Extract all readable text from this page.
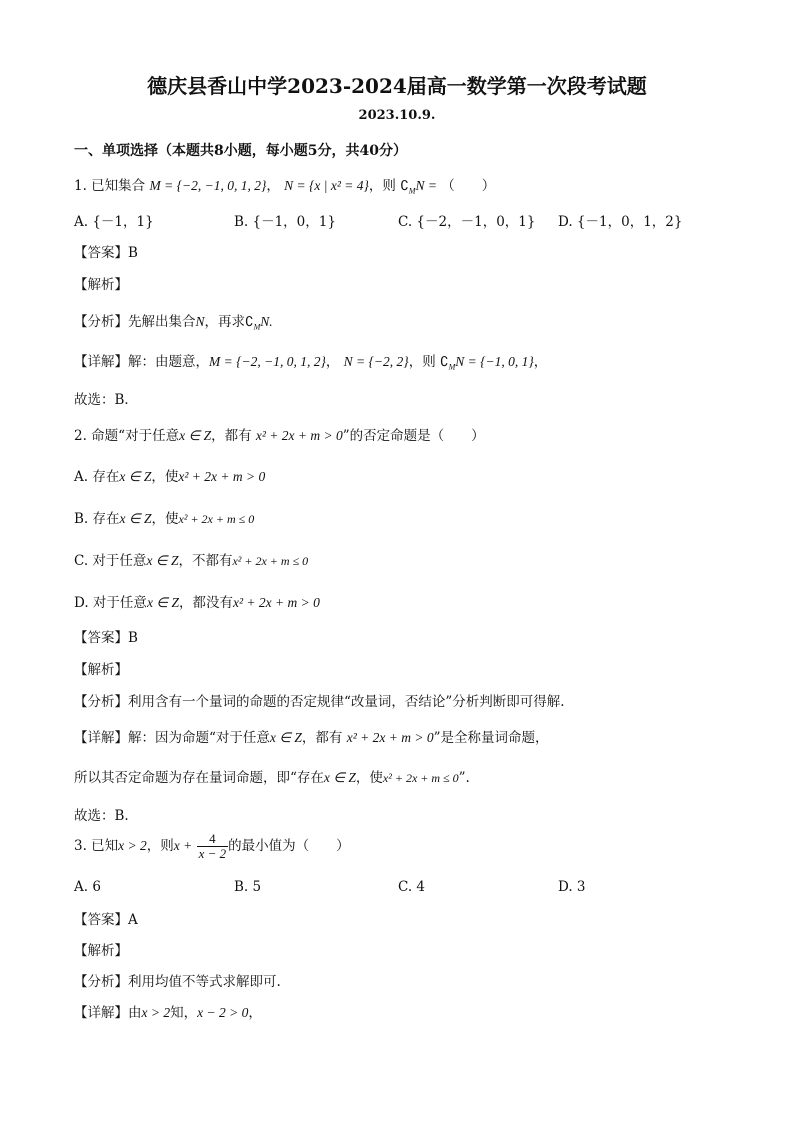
德庆县香山中学2023-2024届高一数学第一次段考试题
2023.10.9.
一、单项选择（本题共8小题，每小题5分，共40分）
1. 已知集合 M = {−2, −1, 0, 1, 2}， N = {x | x² = 4}，则 $∁_MN$ = （　　）
A. {－1，1}	B. {－1，0，1}	C. {－2，－1，0，1} D. {－1，0，1，2}
【答案】B
【解析】
【分析】先解出集合N，再求$∁_MN$.
【详解】解：由题意，M = {−2, −1, 0, 1, 2}， N = {−2, 2}，则 $∁_MN = \{-1$, 0, 1}，
故选：B．
2. 命题“对于任意x ∈ Z，都有 x² + 2x + m > 0”的否定命题是（　　）
A. 存在x ∈ Z，使x² + 2x + m > 0
B. 存在x ∈ Z，使x² + 2x + m ≤ 0
C. 对于任意x ∈ Z，不都有x² + 2x + m ≤ 0
D. 对于任意x ∈ Z，都没有x² + 2x + m > 0
【答案】B
【解析】
【分析】利用含有一个量词的命题的否定规律“改量词，否结论”分析判断即可得解.
【详解】解：因为命题“对于任意x ∈ Z，都有 x² + 2x + m > 0”是全称量词命题，
所以其否定命题为存在量词命题，即“存在x ∈ Z，使x² + 2x + m ≤ 0”.
故选：B.
3. 已知x > 2，则$x + \frac{4}{x - 2}$ 的最小值为（　　）
A. 6	B. 5	C. 4	D. 3
【答案】A
【解析】
【分析】利用均值不等式求解即可.
【详解】由x > 2知，x − 2 > 0，
